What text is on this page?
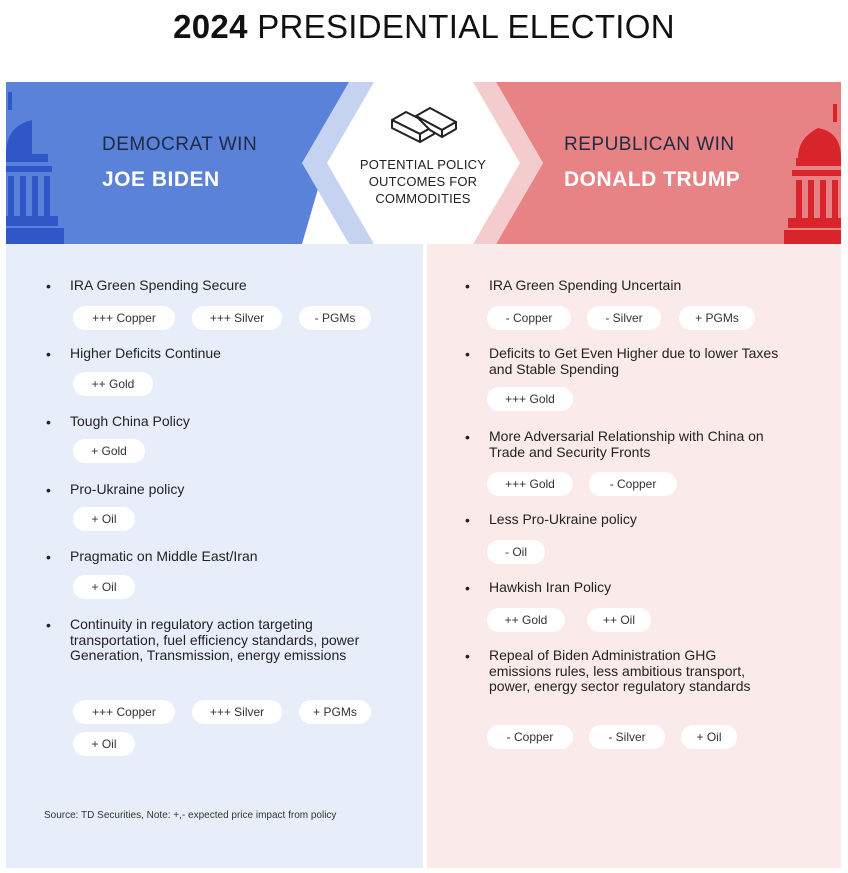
2024 PRESIDENTIAL ELECTION
DEMOCRAT WIN
JOE BIDEN
POTENTIAL POLICY
OUTCOMES FOR
COMMODITIES
REPUBLICAN WIN
DONALD TRUMP
• IRA Green Spending Secure
+++ Copper	+++ Silver	- PGMs
• Higher Deficits Continue
++ Gold
• Tough China Policy
+ Gold
• Pro-Ukraine policy
+ Oil
• Pragmatic on Middle East/Iran
+ Oil
• Continuity in regulatory action targeting transportation, fuel efficiency standards, power Generation, Transmission, energy emissions
+++ Copper	+++ Silver	+ PGMs
+ Oil
• IRA Green Spending Uncertain
- Copper	- Silver	+ PGMs
• Deficits to Get Even Higher due to lower Taxes and Stable Spending
+++ Gold
• More Adversarial Relationship with China on Trade and Security Fronts
+++ Gold	- Copper
• Less Pro-Ukraine policy
- Oil
• Hawkish Iran Policy
++ Gold	++ Oil
• Repeal of Biden Administration GHG emissions rules, less ambitious transport, power, energy sector regulatory standards
- Copper	- Silver	+ Oil
Source: TD Securities, Note: +,- expected price impact from policy
